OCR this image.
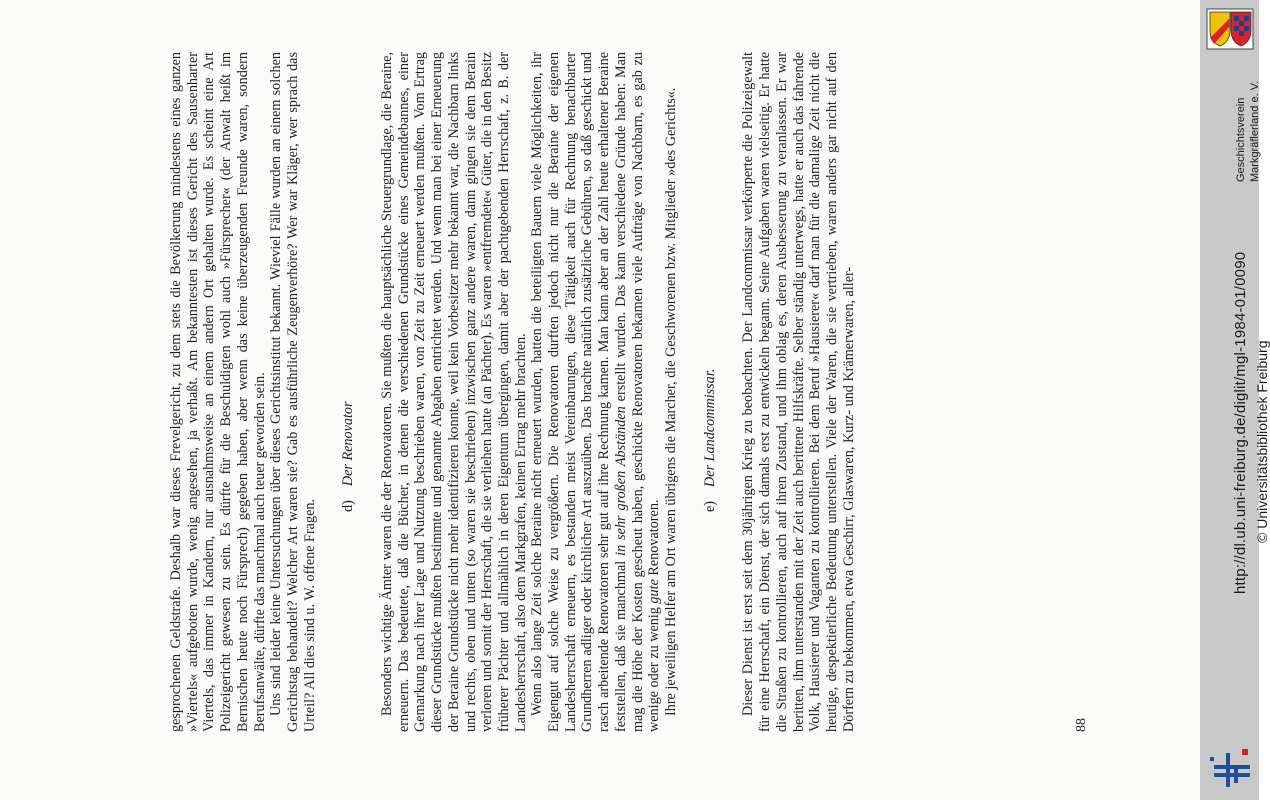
gesprochenen Geldstrafe. Deshalb war dieses Frevelgericht, zu dem stets die Bevölkerung mindestens eines ganzen »Viertels« aufgeboten wurde, wenig angesehen, ja verhaßt. Am bekanntesten ist dieses Gericht des Sausenharter Viertels, das immer in Kandern, nur ausnahmsweise an einem andern Ort gehalten wurde. Es scheint eine Art Polizeigericht gewesen zu sein. Es dürfte für die Beschuldigten wohl auch »Fürsprecher« (der Anwalt heißt im Bernischen heute noch Fürsprech) gegeben haben, aber wenn das keine überzeugenden Freunde waren, sondern Berufsanwälte, dürfte das manchmal auch teuer geworden sein. Uns sind leider keine Untersuchungen über dieses Gerichtsinstitut bekannt. Wieviel Fälle wurden an einem solchen Gerichtstag behandelt? Welcher Art waren sie? Gab es ausführliche Zeugenverhöre? Wer war Kläger, wer sprach das Urteil? All dies sind u. W. offene Fragen. d)Der Renovator Besonders wichtige Ämter waren die der Renovatoren. Sie mußten die hauptsächliche Steuergrundlage, die Beraine, erneuern. Das bedeutete, daß die Bücher, in denen die verschiedenen Grundstücke eines Gemeindebannes, einer Gemarkung nach ihrer Lage und Nutzung beschrieben waren, von Zeit zu Zeit erneuert werden mußten. Vom Ertrag dieser Grundstücke mußten bestimmte und genannte Abgaben entrichtet werden. Und wenn man bei einer Erneuerung der Beraine Grundstücke nicht mehr identifizieren konnte, weil kein Vorbesitzer mehr bekannt war, die Nachbarn links und rechts, oben und unten (so waren sie beschrieben) inzwischen ganz andere waren, dann gingen sie dem Berain verloren und somit der Herrschaft, die sie verliehen hatte (an Pächter). Es waren »entfremdete« Güter, die in den Besitz früherer Pächter und allmählich in deren Eigentum übergingen, damit aber der pachtgebenden Herrschaft, z. B. der Landesherrschaft, also dem Markgrafen, keinen Ertrag mehr brachten. Wenn also lange Zeit solche Beraine nicht erneuert wurden, hatten die beteiligten Bauern viele Möglichkeiten, ihr Eigengut auf solche Weise zu vergrößern. Die Renovatoren durften jedoch nicht nur die Beraine der eigenen Landesherrschaft erneuern, es bestanden meist Vereinbarungen, diese Tätigkeit auch für Rechnung benachbarter Grundherren adliger oder kirchlicher Art auszuüben. Das brachte natürlich zusätzliche Gebühren, so daß geschickt und rasch arbeitende Renovatoren sehr gut auf ihre Rechnung kamen. Man kann aber an der Zahl heute erhaltener Beraine feststellen, daß sie manchmal in sehr großen Abständen erstellt wurden. Das kann verschiedene Gründe haben: Man mag die Höhe der Kosten gescheut haben, geschickte Renovatoren bekamen viele Aufträge von Nachbarn, es gab zu wenige oder zu wenig gute Renovatoren. Ihre jeweiligen Helfer am Ort waren übrigens die Marcher, die Geschworenen bzw. Mitglieder »des Gerichts«. e)Der Landcommissar. Dieser Dienst ist erst seit dem 30jährigen Krieg zu beobachten. Der Landcommissar verkörperte die Polizeigewalt für eine Herrschaft, ein Dienst, der sich damals erst zu entwickeln begann. Seine Aufgaben waren vielseitig. Er hatte die Straßen zu kontrollieren, auch auf ihren Zustand, und ihm oblag es, deren Ausbesserung zu veranlassen. Er war beritten, ihm unterstanden mit der Zeit auch berittene Hilfskräfte. Selber ständig unterwegs, hatte er auch das fahrende Volk, Hausierer und Vaganten zu kontrollieren. Bei dem Beruf »Hausierer« darf man für die damalige Zeit nicht die heutige, despektierliche Bedeutung unterstellen. Viele der Waren, die sie vertrieben, waren anders gar nicht auf den Dörfern zu bekommen, etwa Geschirr, Glaswaren, Kurz- und Krämerwaren, aller-	88
Geschichtsverein Markgräflerland e. V.
http://dl.ub.uni-freiburg.de/diglit/mgl-1984-01/0090 © Universitätsbibliothek Freiburg
